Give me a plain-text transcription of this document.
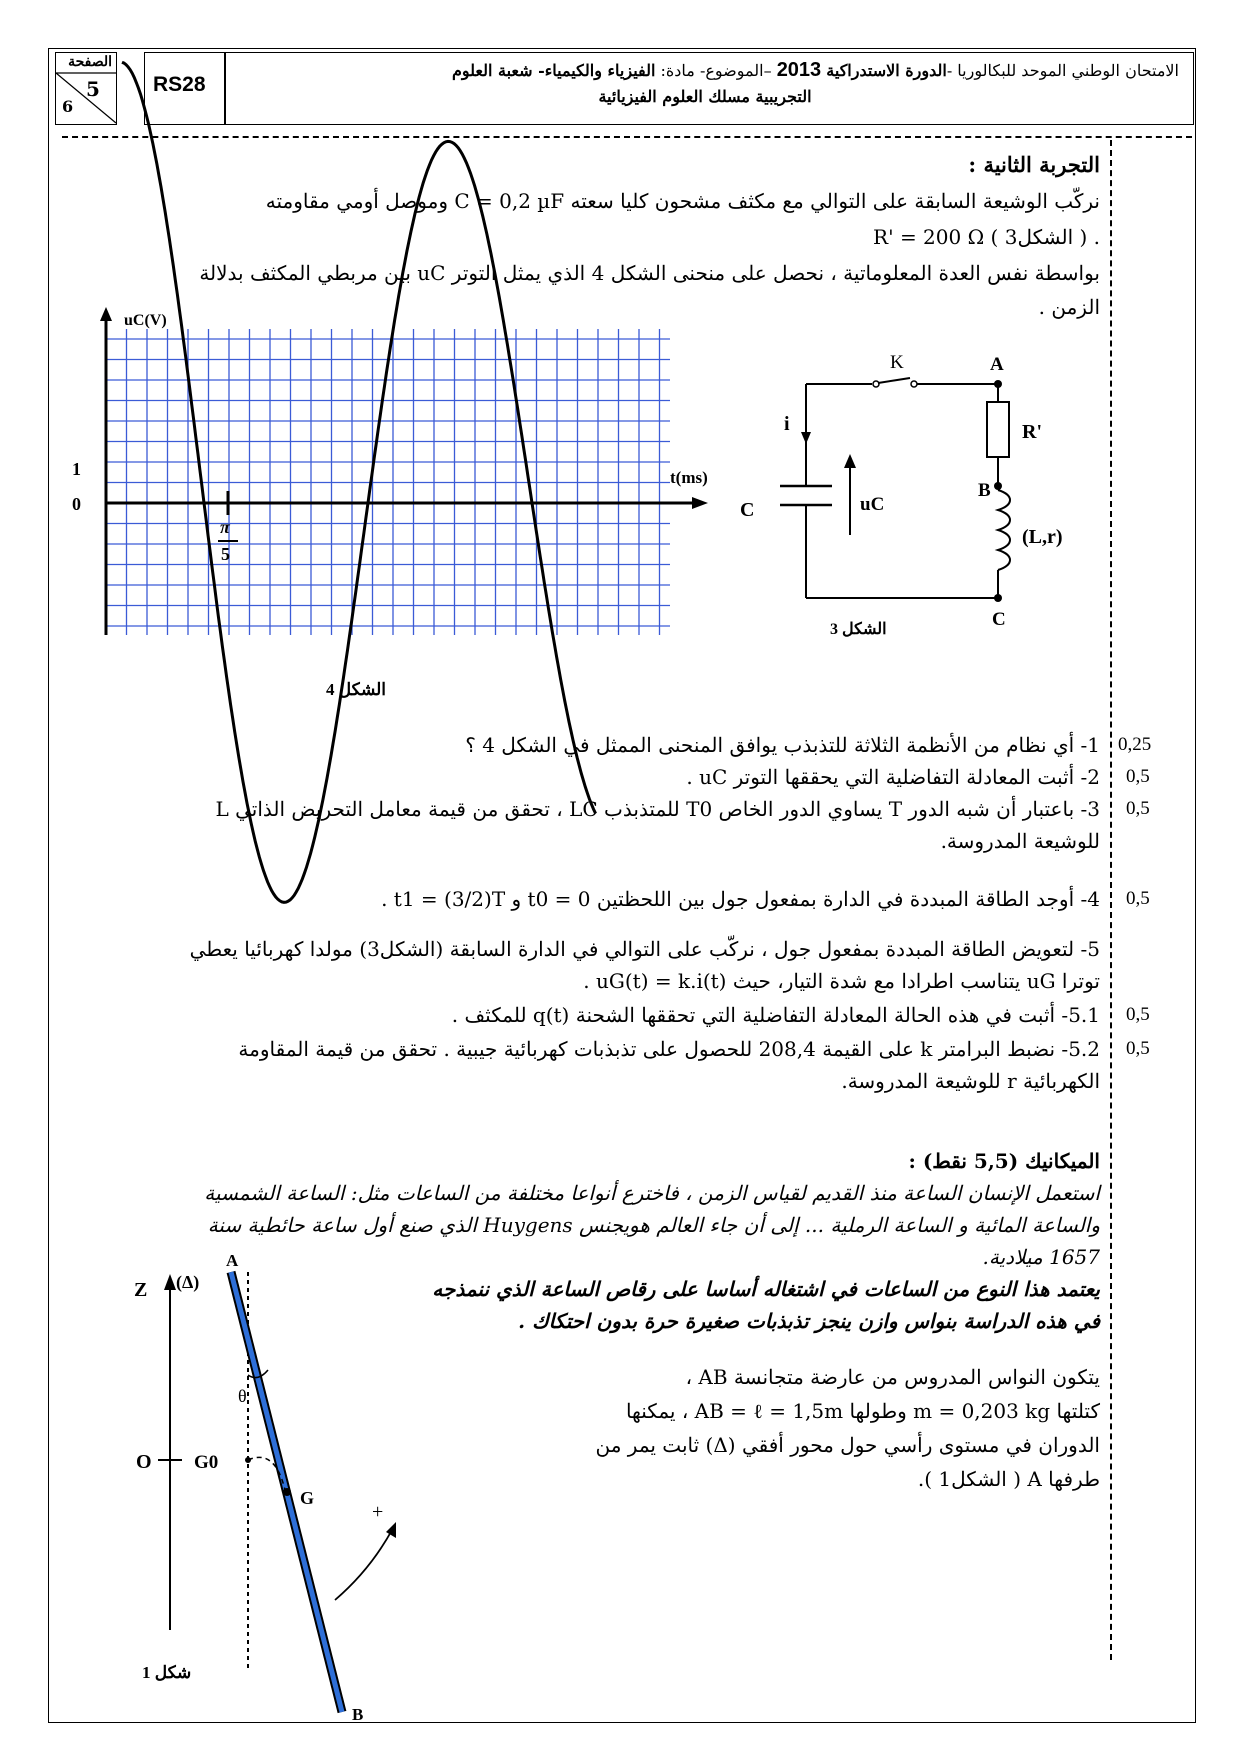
الصفحة
5
6
RS28
الامتحان الوطني الموحد للبكالوريا -الدورة الاستدراكية 2013 –الموضوع- مادة: الفيزياء والكيمياء- شعبة العلوم
التجريبية مسلك العلوم الفيزيائية
التجربة الثانية :
نركّب الوشيعة السابقة على التوالي مع مكثف مشحون كليا سعته C = 0,2 µF وموصل أومي مقاومته
R' = 200 Ω ( الشكل3 ) .
بواسطة نفس العدة المعلوماتية ، نحصل على منحنى الشكل 4 الذي يمثل التوتر uC بين مربطي المكثف بدلالة
الزمن .
uC(V)
t(ms)
1
0
π
5
الشكل 4
K	A
R'
B
(L,r)
C
i
C	uC
الشكل 3
1- أي نظام من الأنظمة الثلاثة للتذبذب يوافق المنحنى الممثل في الشكل 4 ؟ 0,25
2- أثبت المعادلة التفاضلية التي يحققها التوتر uC . 0,5
3- باعتبار أن شبه الدور T يساوي الدور الخاص T0 للمتذبذب LC ، تحقق من قيمة معامل التحريض الذاتي L 0,5
للوشيعة المدروسة.
4- أوجد الطاقة المبددة في الدارة بمفعول جول بين اللحظتين t0 = 0 و t1 = (3/2)T . 0,5
5- لتعويض الطاقة المبددة بمفعول جول ، نركّب على التوالي في الدارة السابقة (الشكل3) مولدا كهربائيا يعطي
توترا uG يتناسب اطرادا مع شدة التيار، حيث uG(t) = k.i(t) .
5.1- أثبت في هذه الحالة المعادلة التفاضلية التي تحققها الشحنة q(t) للمكثف . 0,5
5.2- نضبط البرامتر k على القيمة 208,4 للحصول على تذبذبات كهربائية جيبية . تحقق من قيمة المقاومة 0,5
الكهربائية r للوشيعة المدروسة.
الميكانيك (5,5 نقط) :
استعمل الإنسان الساعة منذ القديم لقياس الزمن ، فاخترع أنواعا مختلفة من الساعات مثل: الساعة الشمسية
والساعة المائية و الساعة الرملية ... إلى أن جاء العالم هويجنس Huygens الذي صنع أول ساعة حائطية سنة
1657 ميلادية.
يعتمد هذا النوع من الساعات في اشتغاله أساسا على رقاص الساعة الذي ننمذجه
في هذه الدراسة بنواس وازن ينجز تذبذبات صغيرة حرة بدون احتكاك .
يتكون النواس المدروس من عارضة متجانسة AB ،
كتلتها m = 0,203 kg وطولها AB = ℓ = 1,5m ، يمكنها
الدوران في مستوى رأسي حول محور أفقي (Δ) ثابت يمر من
طرفها A ( الشكل1 ).
Z (Δ)
A
O G0
G
B
θ
+
شكل 1
